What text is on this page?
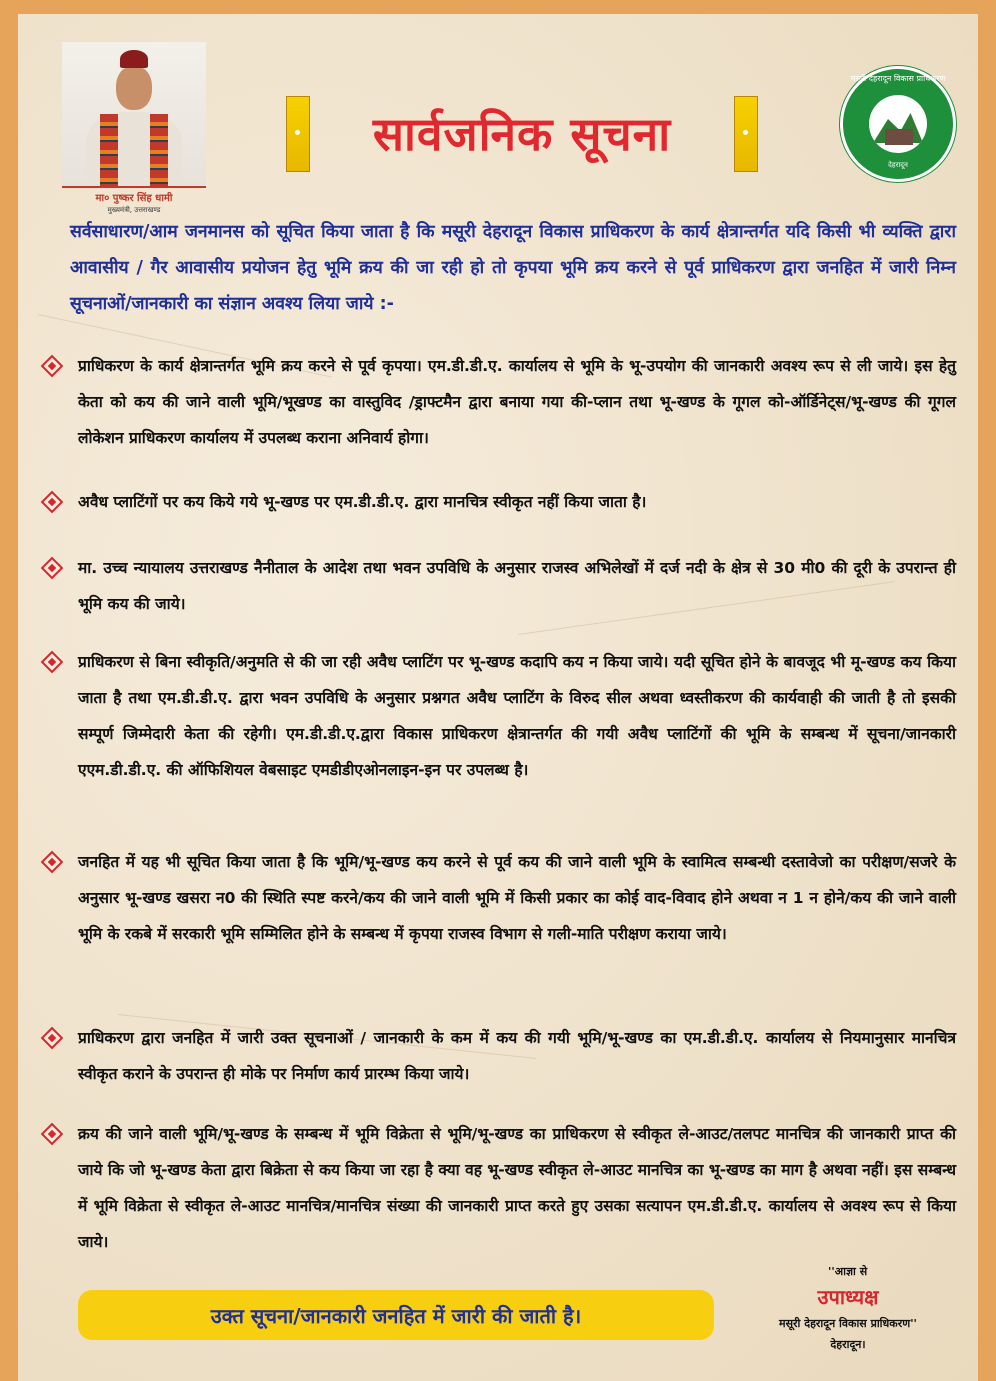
मा० पुष्कर सिंह धामी
मुख्यमंत्री, उत्तराखण्ड
सार्वजनिक सूचना
मसूरी देहरादून विकास प्राधिकरण
देहरादून
सर्वसाधारण/आम जनमानस को सूचित किया जाता है कि मसूरी देहरादून विकास प्राधिकरण के कार्य क्षेत्रान्तर्गत यदि किसी भी व्यक्ति द्वारा आवासीय / गैर आवासीय प्रयोजन हेतु भूमि क्रय की जा रही हो तो कृपया भूमि क्रय करने से पूर्व प्राधिकरण द्वारा जनहित में जारी निम्न सूचनाओं/जानकारी का संज्ञान अवश्य लिया जाये :-
प्राधिकरण के कार्य क्षेत्रान्तर्गत भूमि क्रय करने से पूर्व कृपया। एम.डी.डी.ए. कार्यालय से भूमि के भू-उपयोग की जानकारी अवश्य रूप से ली जाये। इस हेतु केता को कय की जाने वाली भूमि/भूखण्ड का वास्तुविद /ड्राफ्टमैन द्वारा बनाया गया की-प्लान तथा भू-खण्ड के गूगल को-ऑर्डिनेट्स/भू-खण्ड की गूगल लोकेशन प्राधिकरण कार्यालय में उपलब्ध कराना अनिवार्य होगा।
अवैध प्लाटिंगों पर कय किये गये भू-खण्ड पर एम.डी.डी.ए. द्वारा मानचित्र स्वीकृत नहीं किया जाता है।
मा. उच्च न्यायालय उत्तराखण्ड नैनीताल के आदेश तथा भवन उपविधि के अनुसार राजस्व अभिलेखों में दर्ज नदी के क्षेत्र से 30 मी0 की दूरी के उपरान्त ही भूमि कय की जाये।
प्राधिकरण से बिना स्वीकृति/अनुमति से की जा रही अवैध प्लाटिंग पर भू-खण्ड कदापि कय न किया जाये। यदी सूचित होने के बावजूद भी मू-खण्ड कय किया जाता है तथा एम.डी.डी.ए. द्वारा भवन उपविधि के अनुसार प्रश्नगत अवैध प्लाटिंग के विरुद सील अथवा ध्वस्तीकरण की कार्यवाही की जाती है तो इसकी सम्पूर्ण जिम्मेदारी केता की रहेगी। एम.डी.डी.ए.द्वारा विकास प्राधिकरण क्षेत्रान्तर्गत की गयी अवैध प्लाटिंगों की भूमि के सम्बन्ध में सूचना/जानकारी एएम.डी.डी.ए. की ऑफिशियल वेबसाइट एमडीडीएओनलाइन-इन पर उपलब्ध है।
जनहित में यह भी सूचित किया जाता है कि भूमि/भू-खण्ड कय करने से पूर्व कय की जाने वाली भूमि के स्वामित्व सम्बन्धी दस्तावेजो का परीक्षण/सजरे के अनुसार भू-खण्ड खसरा न0 की स्थिति स्पष्ट करने/कय की जाने वाली भूमि में किसी प्रकार का कोई वाद-विवाद होने अथवा न 1 न होने/कय की जाने वाली भूमि के रकबे में सरकारी भूमि सम्मिलित होने के सम्बन्ध में कृपया राजस्व विभाग से गली-माति परीक्षण कराया जाये।
प्राधिकरण द्वारा जनहित में जारी उक्त सूचनाओं / जानकारी के कम में कय की गयी भूमि/भू-खण्ड का एम.डी.डी.ए. कार्यालय से नियमानुसार मानचित्र स्वीकृत कराने के उपरान्त ही मोके पर निर्माण कार्य प्रारम्भ किया जाये।
क्रय की जाने वाली भूमि/भू-खण्ड के सम्बन्ध में भूमि विक्रेता से भूमि/भू-खण्ड का प्राधिकरण से स्वीकृत ले-आउट/तलपट मानचित्र की जानकारी प्राप्त की जाये कि जो भू-खण्ड केता द्वारा बिक्रेता से कय किया जा रहा है क्या वह भू-खण्ड स्वीकृत ले-आउट मानचित्र का भू-खण्ड का माग है अथवा नहीं। इस सम्बन्ध में भूमि विक्रेता से स्वीकृत ले-आउट मानचित्र/मानचित्र संख्या की जानकारी प्राप्त करते हुए उसका सत्यापन एम.डी.डी.ए. कार्यालय से अवश्य रूप से किया जाये।
उक्त सूचना/जानकारी जनहित में जारी की जाती है।
''आज्ञा से
उपाध्यक्ष
मसूरी देहरादून विकास प्राधिकरण''
देहरादून।
